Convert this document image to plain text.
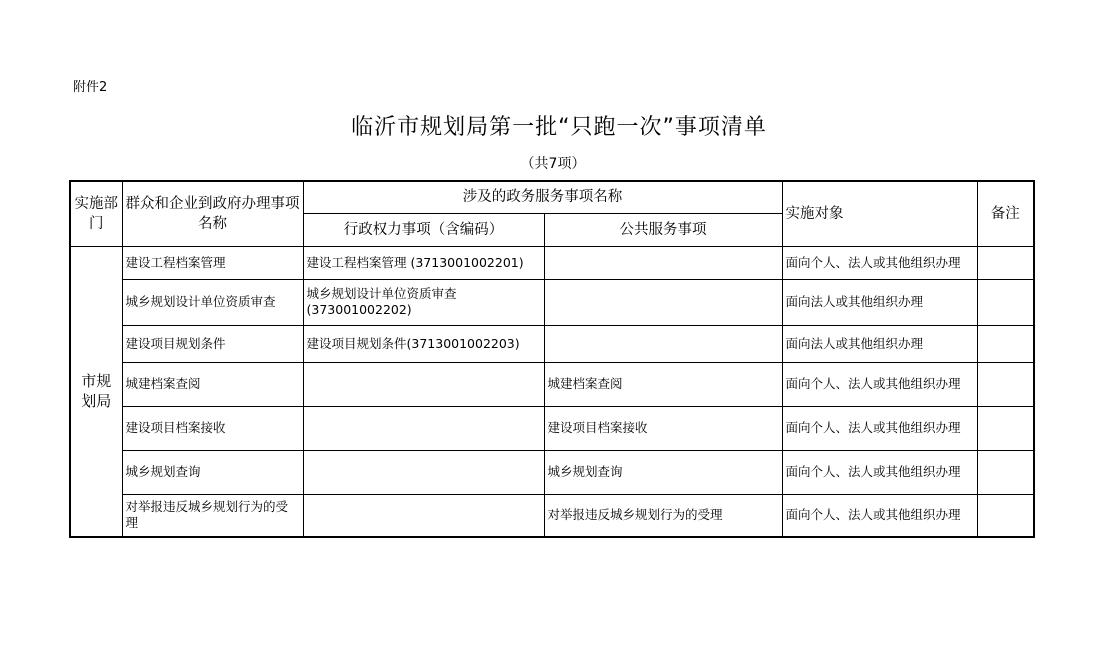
附件2
临沂市规划局第一批“只跑一次”事项清单
（共7项）
实施部门	群众和企业到政府办理事项名称	涉及的政务服务事项名称		实施对象	备注
		行政权力事项（含编码）	公共服务事项		
市规划局	建设工程档案管理	建设工程档案管理 (3713001002201)		面向个人、法人或其他组织办理	
	城乡规划设计单位资质审查	城乡规划设计单位资质审查(373001002202)		面向法人或其他组织办理	
	建设项目规划条件	建设项目规划条件(3713001002203)		面向法人或其他组织办理	
	城建档案查阅		城建档案查阅	面向个人、法人或其他组织办理	
	建设项目档案接收		建设项目档案接收	面向个人、法人或其他组织办理	
	城乡规划查询		城乡规划查询	面向个人、法人或其他组织办理	
	对举报违反城乡规划行为的受理		对举报违反城乡规划行为的受理	面向个人、法人或其他组织办理	
